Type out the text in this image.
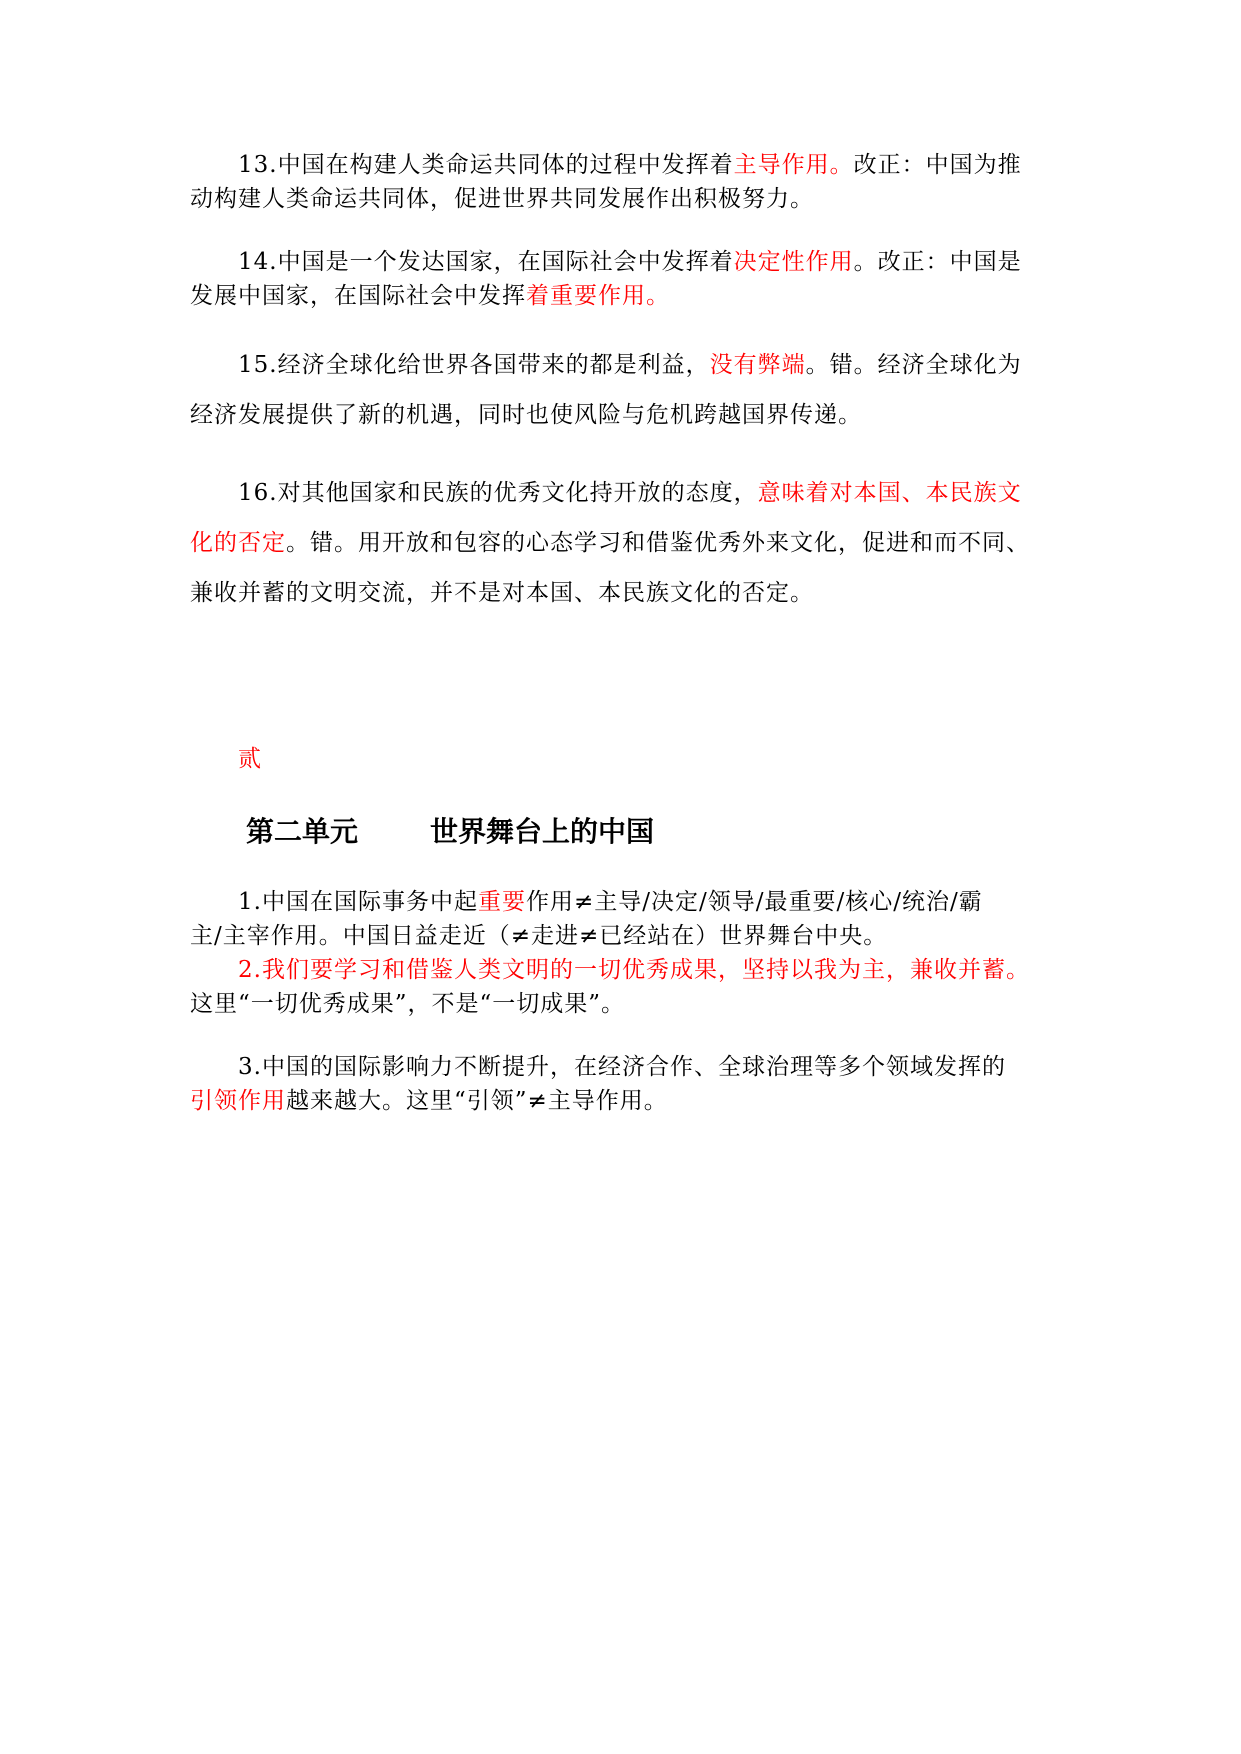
13.中国在构建人类命运共同体的过程中发挥着主导作用。改正：中国为推
动构建人类命运共同体，促进世界共同发展作出积极努力。
14.中国是一个发达国家，在国际社会中发挥着决定性作用。改正：中国是
发展中国家，在国际社会中发挥着重要作用。
15.经济全球化给世界各国带来的都是利益，没有弊端。错。经济全球化为
经济发展提供了新的机遇，同时也使风险与危机跨越国界传递。
16.对其他国家和民族的优秀文化持开放的态度，意味着对本国、本民族文
化的否定。错。用开放和包容的心态学习和借鉴优秀外来文化，促进和而不同、
兼收并蓄的文明交流，并不是对本国、本民族文化的否定。

贰

第二单元	世界舞台上的中国

1.中国在国际事务中起重要作用≠主导/决定/领导/最重要/核心/统治/霸
主/主宰作用。中国日益走近（≠走进≠已经站在）世界舞台中央。
2.我们要学习和借鉴人类文明的一切优秀成果，坚持以我为主，兼收并蓄。
这里“一切优秀成果”，不是“一切成果”。
3.中国的国际影响力不断提升，在经济合作、全球治理等多个领域发挥的
引领作用越来越大。这里“引领”≠主导作用。
